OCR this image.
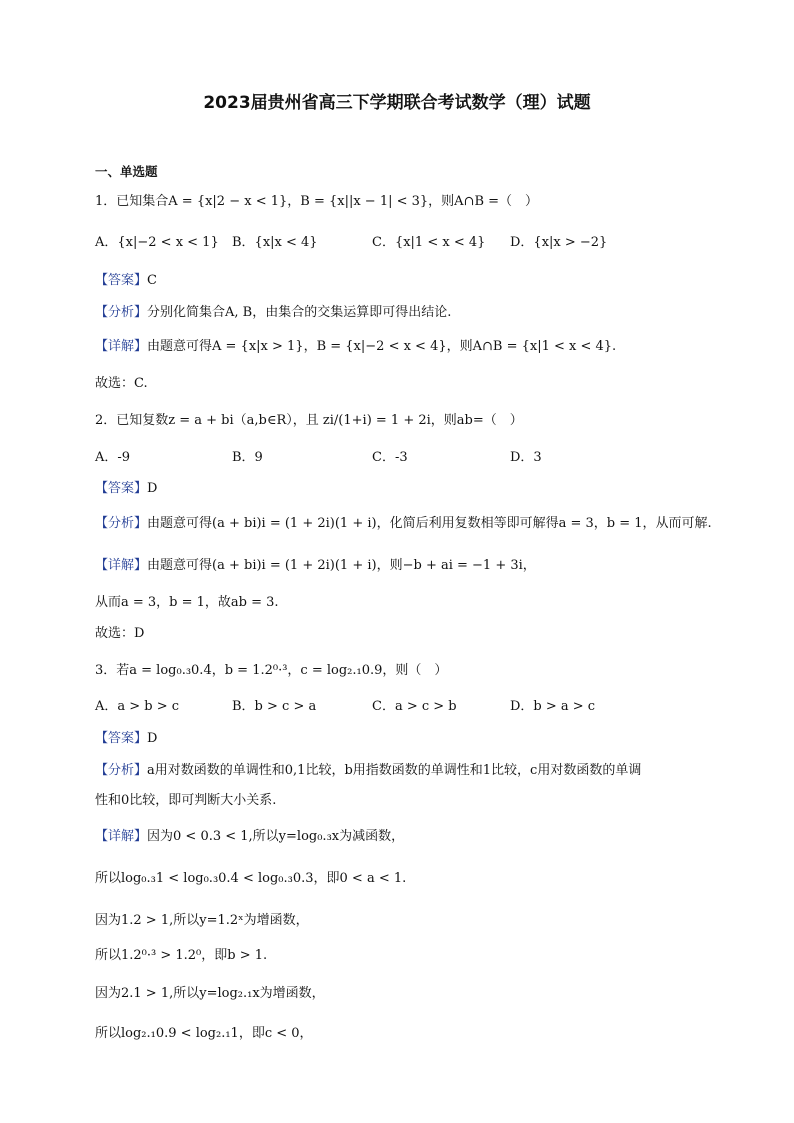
2023届贵州省高三下学期联合考试数学（理）试题
一、单选题
1．已知集合A = {x|2 − x < 1}，B = {x||x − 1| < 3}，则A∩B =（　）
A．{x|−2 < x < 1} B．{x|x < 4}	C．{x|1 < x < 4} D．{x|x > −2}
【答案】C
【分析】分别化简集合A, B，由集合的交集运算即可得出结论.
【详解】由题意可得A = {x|x > 1}，B = {x|−2 < x < 4}，则A∩B = {x|1 < x < 4}.
故选：C.
2．已知复数z = a + bi（a,b∈R），且 zi/(1+i) = 1 + 2i，则ab=（　）
A．-9	B．9	C．-3	D．3
【答案】D
【分析】由题意可得(a + bi)i = (1 + 2i)(1 + i)，化简后利用复数相等即可解得a = 3，b = 1，从而可解.
【详解】由题意可得(a + bi)i = (1 + 2i)(1 + i)，则−b + ai = −1 + 3i，
从而a = 3，b = 1，故ab = 3.
故选：D
3．若a = log₀.₃0.4，b = 1.2⁰·³，c = log₂.₁0.9，则（　）
A．a > b > c	B．b > c > a	C．a > c > b	D．b > a > c
【答案】D
【分析】a用对数函数的单调性和0,1比较，b用指数函数的单调性和1比较，c用对数函数的单调
性和0比较，即可判断大小关系.
【详解】因为0 < 0.3 < 1,所以y=log₀.₃x为减函数，
所以log₀.₃1 < log₀.₃0.4 < log₀.₃0.3，即0 < a < 1.
因为1.2 > 1,所以y=1.2ˣ为增函数，
所以1.2⁰·³ > 1.2⁰，即b > 1.
因为2.1 > 1,所以y=log₂.₁x为增函数，
所以log₂.₁0.9 < log₂.₁1，即c < 0，
